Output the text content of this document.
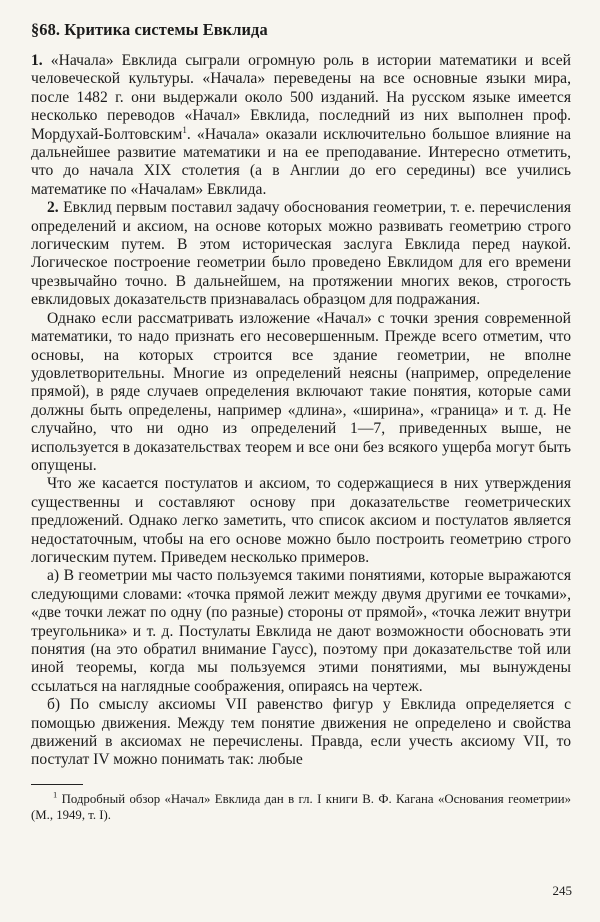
§68. Критика системы Евклида

1. «Начала» Евклида сыграли огромную роль в истории математики и всей человеческой культуры. «Начала» переведены на все основные языки мира, после 1482 г. они выдержали около 500 изданий. На русском языке имеется несколько переводов «Начал» Евклида, последний из них выполнен проф. Мордухай-Болтовским$^1$. «Начала» оказали исключительно большое влияние на дальнейшее развитие математики и на ее преподавание. Интересно отметить, что до начала XIX столетия (а в Англии до его середины) все учились математике по «Началам» Евклида.

2. Евклид первым поставил задачу обоснования геометрии, т. е. перечисления определений и аксиом, на основе которых можно развивать геометрию строго логическим путем. В этом историческая заслуга Евклида перед наукой. Логическое построение геометрии было проведено Евклидом для его времени чрезвычайно точно. В дальнейшем, на протяжении многих веков, строгость евклидовых доказательств признавалась образцом для подражания.

Однако если рассматривать изложение «Начал» с точки зрения современной математики, то надо признать его несовершенным. Прежде всего отметим, что основы, на которых строится все здание геометрии, не вполне удовлетворительны. Многие из определений неясны (например, определение прямой), в ряде случаев определения включают такие понятия, которые сами должны быть определены, например «длина», «ширина», «граница» и т. д. Не случайно, что ни одно из определений 1—7, приведенных выше, не используется в доказательствах теорем и все они без всякого ущерба могут быть опущены.

Что же касается постулатов и аксиом, то содержащиеся в них утверждения существенны и составляют основу при доказательстве геометрических предложений. Однако легко заметить, что список аксиом и постулатов является недостаточным, чтобы на его основе можно было построить геометрию строго логическим путем. Приведем несколько примеров.

а) В геометрии мы часто пользуемся такими понятиями, которые выражаются следующими словами: «точка прямой лежит между двумя другими ее точками», «две точки лежат по одну (по разные) стороны от прямой», «точка лежит внутри треугольника» и т. д. Постулаты Евклида не дают возможности обосновать эти понятия (на это обратил внимание Гаусс), поэтому при доказательстве той или иной теоремы, когда мы пользуемся этими понятиями, мы вынуждены ссылаться на наглядные соображения, опираясь на чертеж.

б) По смыслу аксиомы VII равенство фигур у Евклида определяется с помощью движения. Между тем понятие движения не определено и свойства движений в аксиомах не перечислены. Правда, если учесть аксиому VII, то постулат IV можно понимать так: любые

$^1$ Подробный обзор «Начал» Евклида дан в гл. I книги В. Ф. Кагана «Основания геометрии» (М., 1949, т. I).

245
